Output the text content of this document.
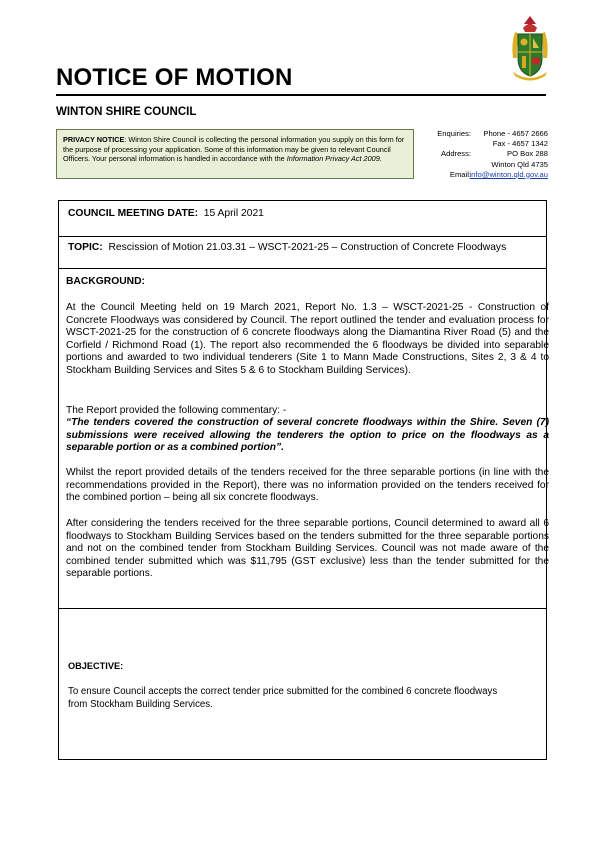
NOTICE OF MOTION
WINTON SHIRE COUNCIL
PRIVACY NOTICE: Winton Shire Council is collecting the personal information you supply on this form for the purpose of processing your application. Some of this information may be given to relevant Council Officers. Your personal information is handled in accordance with the Information Privacy Act 2009.
Enquiries: Phone - 4657 2666
Fax - 4657 1342
Address:	PO Box 288
Winton Qld 4735
Email:
info@winton.qld.gov.au
COUNCIL MEETING DATE: 15 April 2021
TOPIC: Rescission of Motion 21.03.31 – WSCT-2021-25 – Construction of Concrete Floodways
BACKGROUND:

At the Council Meeting held on 19 March 2021, Report No. 1.3 – WSCT-2021-25 - Construction of Concrete Floodways was considered by Council. The report outlined the tender and evaluation process for WSCT-2021-25 for the construction of 6 concrete floodways along the Diamantina River Road (5) and the Corfield / Richmond Road (1). The report also recommended the 6 floodways be divided into separable portions and awarded to two individual tenderers (Site 1 to Mann Made Constructions, Sites 2, 3 & 4 to Stockham Building Services and Sites 5 & 6 to Stockham Building Services).

The Report provided the following commentary: -

“The tenders covered the construction of several concrete floodways within the Shire. Seven (7) submissions were received allowing the tenderers the option to price on the floodways as a separable portion or as a combined portion”.

Whilst the report provided details of the tenders received for the three separable portions (in line with the recommendations provided in the Report), there was no information provided on the tenders received for the combined portion – being all six concrete floodways.

After considering the tenders received for the three separable portions, Council determined to award all 6 floodways to Stockham Building Services based on the tenders submitted for the three separable portions and not on the combined tender from Stockham Building Services. Council was not made aware of the combined tender submitted which was $11,795 (GST exclusive) less than the tender submitted for the separable portions.

OBJECTIVE:

To ensure Council accepts the correct tender price submitted for the combined 6 concrete floodways from Stockham Building Services.
